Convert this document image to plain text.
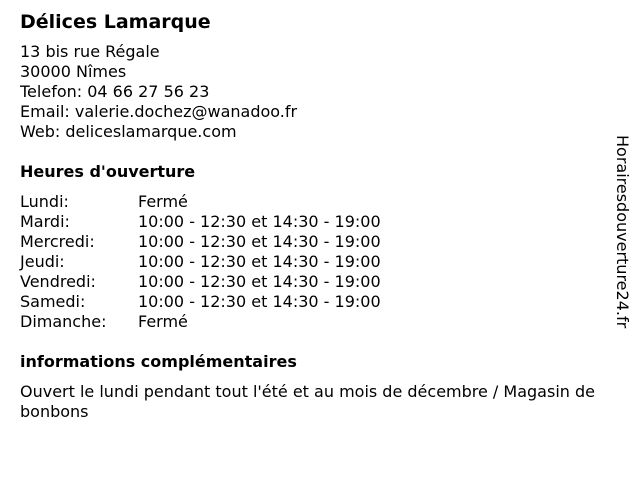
Délices Lamarque
13 bis rue Régale
30000 Nîmes
Telefon: 04 66 27 56 23
Email: valerie.dochez@wanadoo.fr
Web: deliceslamarque.com
Heures d'ouverture
Lundi:	Fermé
Mardi:	10:00 - 12:30 et 14:30 - 19:00
Mercredi:	10:00 - 12:30 et 14:30 - 19:00
Jeudi:	10:00 - 12:30 et 14:30 - 19:00
Vendredi:	10:00 - 12:30 et 14:30 - 19:00
Samedi:	10:00 - 12:30 et 14:30 - 19:00
Dimanche:	Fermé
informations complémentaires
Ouvert le lundi pendant tout l'été et au mois de décembre / Magasin de bonbons
Horairesdouverture24.fr
